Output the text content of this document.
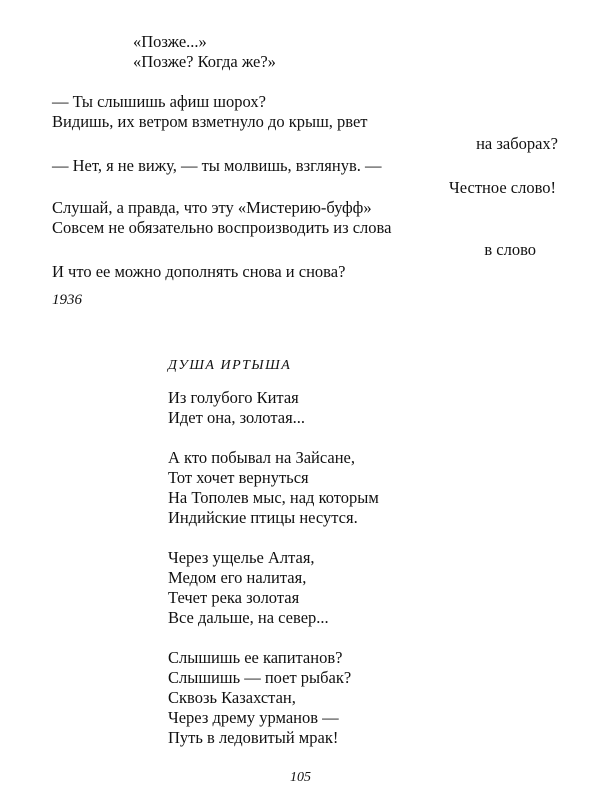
«Позже...»
«Позже? Когда же?»
— Ты слышишь афиш шорох?
Видишь, их ветром взметнуло до крыш, рвет
на заборах?
— Нет, я не вижу, — ты молвишь, взглянув. —
Честное слово!
Слушай, а правда, что эту «Мистерию-буфф»
Совсем не обязательно воспроизводить из слова
в слово
И что ее можно дополнять снова и снова?
1936
ДУША ИРТЫША
Из голубого Китая
Идет она, золотая...
А кто побывал на Зайсане,
Тот хочет вернуться
На Тополев мыс, над которым
Индийские птицы несутся.
Через ущелье Алтая,
Медом его налитая,
Течет река золотая
Все дальше, на север...
Слышишь ее капитанов?
Слышишь — поет рыбак?
Сквозь Казахстан,
Через дрему урманов —
Путь в ледовитый мрак!
105
